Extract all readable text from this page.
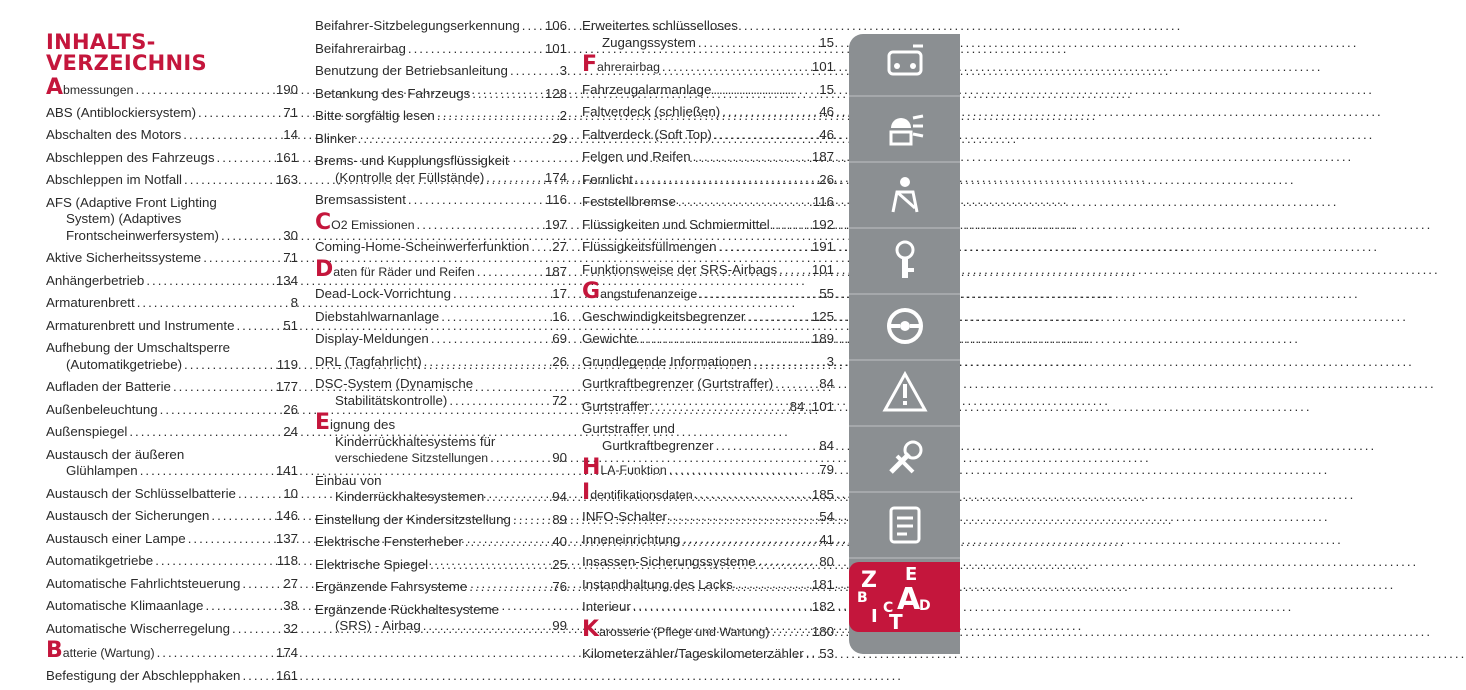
INHALTS-
VERZEICHNIS
Abmessungen .....	190
ABS (Antiblockiersystem) .....	71
Abschalten des Motors .....	14
Abschleppen des Fahrzeugs .....	161
Abschleppen im Notfall .....	163
AFS (Adaptive Front Lighting
System) (Adaptives
Frontscheinwerfersystem) .....	30
Aktive Sicherheitssysteme .....	71
Anhängerbetrieb .....	134
Armaturenbrett .....	8
Armaturenbrett und Instrumente .....	51
Aufhebung der Umschaltsperre
(Automatikgetriebe) .....	119
Aufladen der Batterie .....	177
Außenbeleuchtung .....	26
Außenspiegel .....	24
Austausch der äußeren
Glühlampen .....	141
Austausch der Schlüsselbatterie .....	10
Austausch der Sicherungen .....	146
Austausch einer Lampe .....	137
Automatikgetriebe .....	118
Automatische Fahrlichtsteuerung .....	27
Automatische Klimaanlage .....	38
Automatische Wischerregelung .....	32
Batterie (Wartung) .....	174
Befestigung der Abschlepphaken .....	161
Beifahrer-Sitzbelegungserkennung ..... 106
Beifahrerairbag .....	101
Benutzung der Betriebsanleitung .....	3
Betankung des Fahrzeugs .....	128
Bitte sorgfältig lesen .....	2
Blinker .....	29
Brems- und Kupplungsflüssigkeit
(Kontrolle der Füllstände) .....	174
Bremsassistent .....	116
CO2 Emissionen .....	197
Coming-Home-Scheinwerferfunktion ..... 27
Daten für Räder und Reifen .....	187
Dead-Lock-Vorrichtung .....	17
Diebstahlwarnanlage .....	16
Display-Meldungen .....	69
DRL (Tagfahrlicht) .....	26
DSC-System (Dynamische
Stabilitätskontrolle) .....	72
Eignung des
Kinderrückhaltesystems für
verschiedene Sitzstellungen .....	90
Einbau von
Kinderrückhaltesystemen .....	94
Einstellung der Kindersitzstellung .....	89
Elektrische Fensterheber .....	40
Elektrische Spiegel .....	25
Ergänzende Fahrsysteme .....	76
Ergänzende Rückhaltesysteme
(SRS) - Airbag .....	99
Erweitertes schlüsselloses
Zugangssystem .....	15
Fahrerairbag .....	101
Fahrzeugalarmanlage .....	15
Faltverdeck (schließen) .....	46
Faltverdeck (Soft Top) .....	46
Felgen und Reifen .....	187
Fernlicht .....	26
Feststellbremse .....	116
Flüssigkeiten und Schmiermittel .....	192
Flüssigkeitsfüllmengen .....	191
Funktionsweise der SRS-Airbags .....	101
Gangstufenanzeige .....	55
Geschwindigkeitsbegrenzer .....	125
Gewichte .....	189
Grundlegende Informationen .....	3
Gurtkraftbegrenzer (Gurtstraffer) .....	84
Gurtstraffer .....	84 ,101
Gurtstraffer und
Gurtkraftbegrenzer .....	84
HLA-Funktion .....	79
Identifikationsdaten .....	185
INFO-Schalter .....	54
Inneneinrichtung .....	41
Insassen-Sicherungssysteme .....	80
Instandhaltung des Lacks .....	181
Interieur .....	182
Karosserie (Pflege und Wartung) .....	180
Kilometerzähler/Tageskilometerzähler ..... 53
Z E
B A
I C
T
D
